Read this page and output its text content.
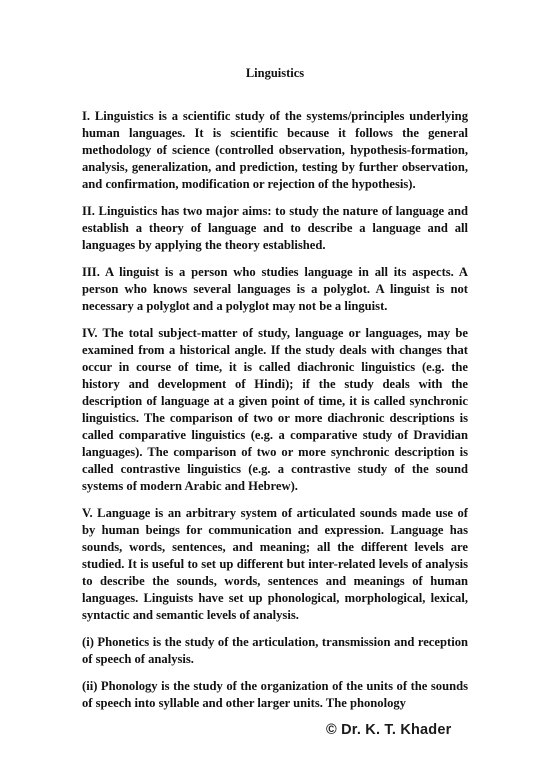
Linguistics

I. Linguistics is a scientific study of the systems/principles underlying human languages. It is scientific because it follows the general methodology of science (controlled observation, hypothesis-formation, analysis, generalization, and prediction, testing by further observation, and confirmation, modification or rejection of the hypothesis).

II. Linguistics has two major aims: to study the nature of language and establish a theory of language and to describe a language and all languages by applying the theory established.

III. A linguist is a person who studies language in all its aspects. A person who knows several languages is a polyglot. A linguist is not necessary a polyglot and a polyglot may not be a linguist.

IV. The total subject-matter of study, language or languages, may be examined from a historical angle. If the study deals with changes that occur in course of time, it is called diachronic linguistics (e.g. the history and development of Hindi); if the study deals with the description of language at a given point of time, it is called synchronic linguistics. The comparison of two or more diachronic descriptions is called comparative linguistics (e.g. a comparative study of Dravidian languages). The comparison of two or more synchronic description is called contrastive linguistics (e.g. a contrastive study of the sound systems of modern Arabic and Hebrew).

V. Language is an arbitrary system of articulated sounds made use of by human beings for communication and expression. Language has sounds, words, sentences, and meaning; all the different levels are studied. It is useful to set up different but inter-related levels of analysis to describe the sounds, words, sentences and meanings of human languages. Linguists have set up phonological, morphological, lexical, syntactic and semantic levels of analysis.

(i) Phonetics is the study of the articulation, transmission and reception of speech of analysis.

(ii) Phonology is the study of the organization of the units of the sounds of speech into syllable and other larger units. The phonology

© Dr. K. T. Khader
